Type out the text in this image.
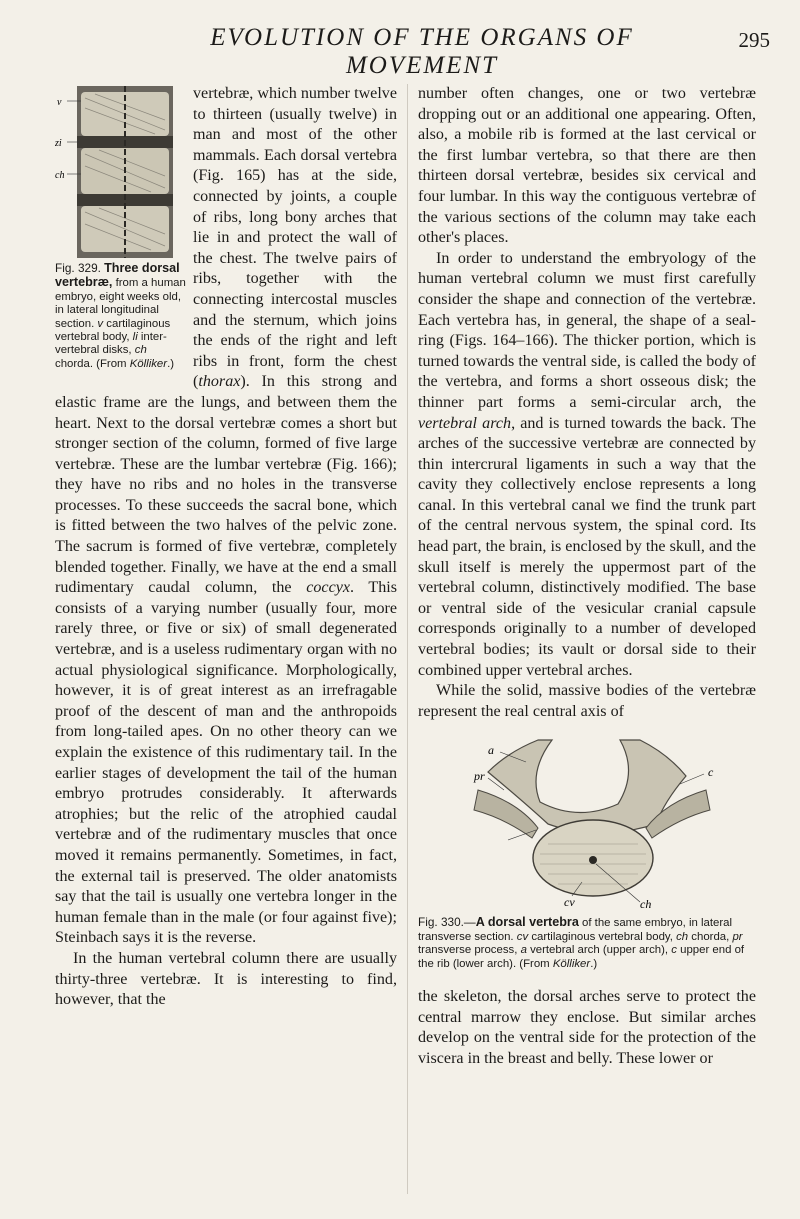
EVOLUTION OF THE ORGANS OF MOVEMENT
295
v
zi
ch
Fig. 329. Three dorsal vertebræ, from a human embryo, eight weeks old, in lateral longitudinal section. v cartilaginous vertebral body, li inter-vertebral disks, ch chorda. (From Kölliker.)

vertebræ, which number twelve to thirteen (usually twelve) in man and most of the other mammals. Each dorsal vertebra (Fig. 165) has at the side, connected by joints, a couple of ribs, long bony arches that lie in and protect the wall of the chest. The twelve pairs of ribs, together with the connecting intercostal muscles and the sternum, which joins the ends of the right and left ribs in front, form the chest (thorax). In this strong and elastic frame are the lungs, and between them the heart. Next to the dorsal vertebræ comes a short but stronger section of the column, formed of five large vertebræ. These are the lumbar vertebræ (Fig. 166); they have no ribs and no holes in the transverse processes. To these succeeds the sacral bone, which is fitted between the two halves of the pelvic zone. The sacrum is formed of five vertebræ, completely blended together. Finally, we have at the end a small rudimentary caudal column, the coccyx. This consists of a varying number (usually four, more rarely three, or five or six) of small degenerated vertebræ, and is a useless rudimentary organ with no actual physiological significance. Morphologically, however, it is of great interest as an irrefragable proof of the descent of man and the anthropoids from long-tailed apes. On no other theory can we explain the existence of this rudimentary tail. In the earlier stages of development the tail of the human embryo protrudes considerably. It afterwards atrophies; but the relic of the atrophied caudal vertebræ and of the rudimentary muscles that once moved it remains permanently. Sometimes, in fact, the external tail is preserved. The older anatomists say that the tail is usually one vertebra longer in the human female than in the male (or four against five); Steinbach says it is the reverse.

In the human vertebral column there are usually thirty-three vertebræ. It is interesting to find, however, that the

number often changes, one or two vertebræ dropping out or an additional one appearing. Often, also, a mobile rib is formed at the last cervical or the first lumbar vertebra, so that there are then thirteen dorsal vertebræ, besides six cervical and four lumbar. In this way the contiguous vertebræ of the various sections of the column may take each other's places.

In order to understand the embryology of the human vertebral column we must first carefully consider the shape and connection of the vertebræ. Each vertebra has, in general, the shape of a seal-ring (Figs. 164–166). The thicker portion, which is turned towards the ventral side, is called the body of the vertebra, and forms a short osseous disk; the thinner part forms a semi-circular arch, the vertebral arch, and is turned towards the back. The arches of the successive vertebræ are connected by thin intercrural ligaments in such a way that the cavity they collectively enclose represents a long canal. In this vertebral canal we find the trunk part of the central nervous system, the spinal cord. Its head part, the brain, is enclosed by the skull, and the skull itself is merely the uppermost part of the vertebral column, distinctively modified. The base or ventral side of the vesicular cranial capsule corresponds originally to a number of developed vertebral bodies; its vault or dorsal side to their combined upper vertebral arches.

While the solid, massive bodies of the vertebræ represent the real central axis of

a
pr	c
cv	ch
Fig. 330.—A dorsal vertebra of the same embryo, in lateral transverse section. cv cartilaginous vertebral body, ch chorda, pr transverse process, a vertebral arch (upper arch), c upper end of the rib (lower arch). (From Kölliker.)

the skeleton, the dorsal arches serve to protect the central marrow they enclose. But similar arches develop on the ventral side for the protection of the viscera in the breast and belly. These lower or
